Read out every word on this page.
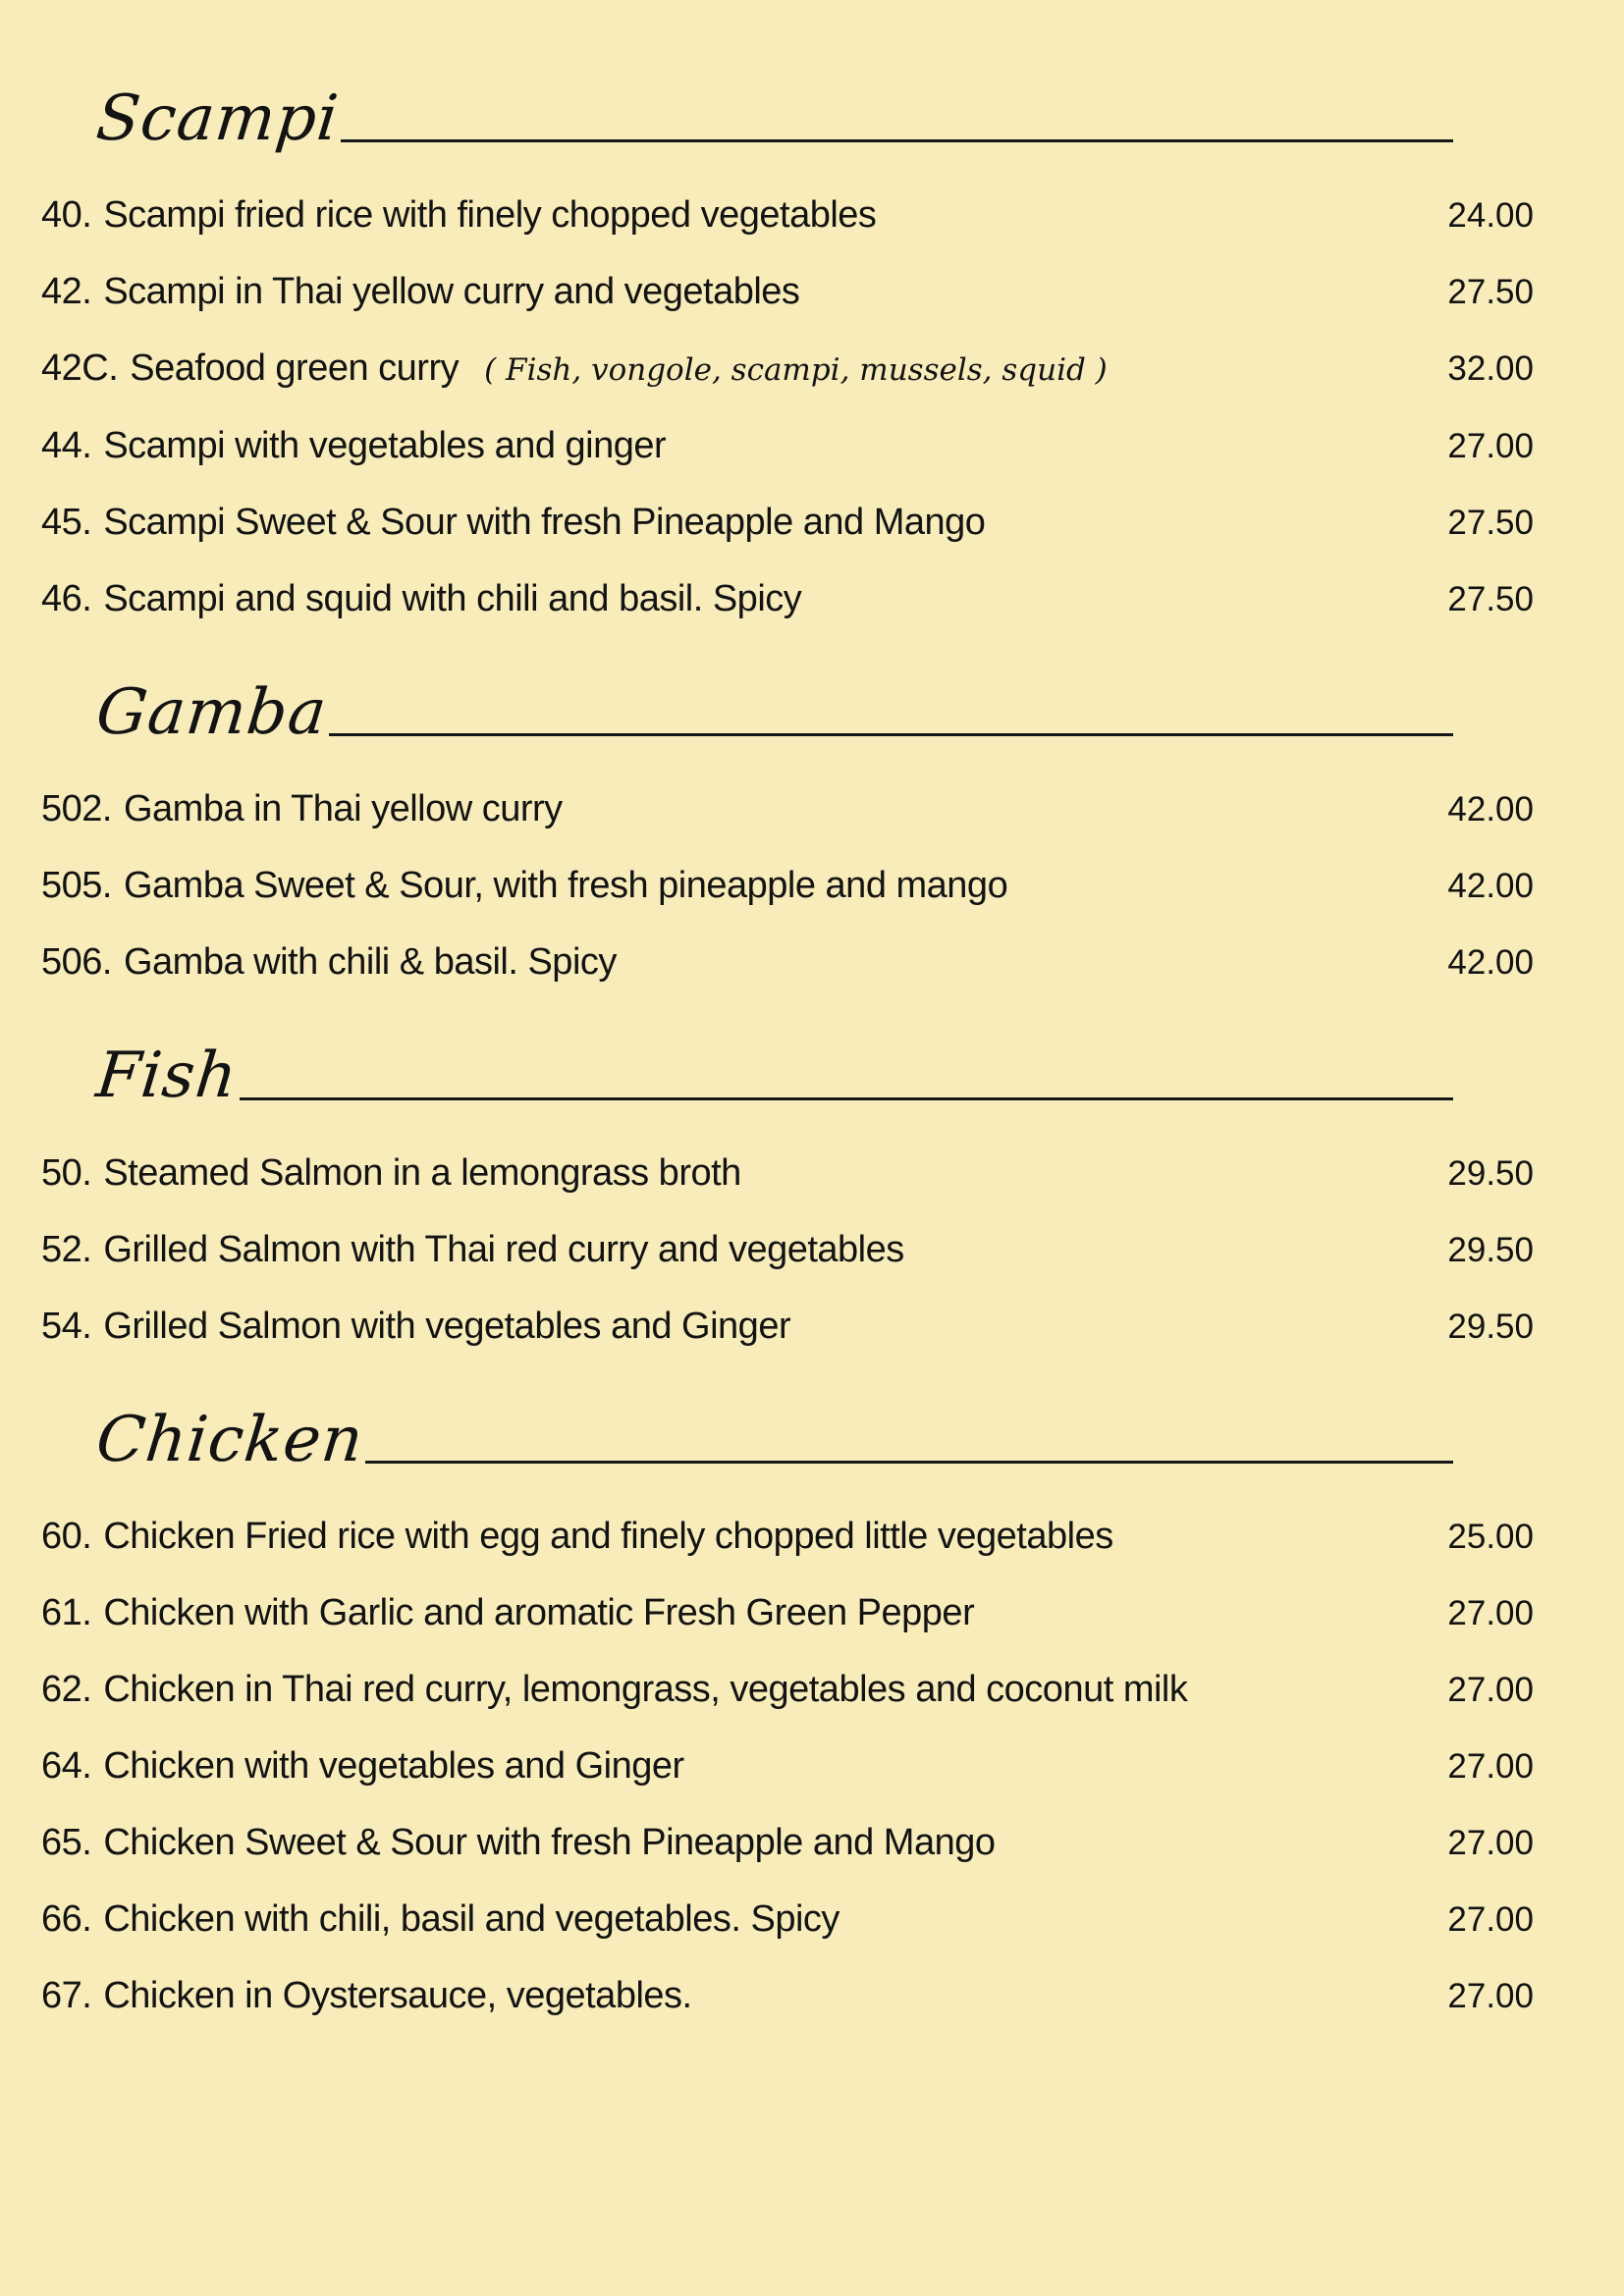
Scampi
40. Scampi fried rice with finely chopped vegetables	24.00
42. Scampi in Thai yellow curry and vegetables	27.50
42C. Seafood green curry ( Fish, vongole, scampi, mussels, squid )	32.00
44. Scampi with vegetables and ginger	27.00
45. Scampi Sweet & Sour with fresh Pineapple and Mango	27.50
46. Scampi and squid with chili and basil. Spicy	27.50
Gamba
502. Gamba in Thai yellow curry	42.00
505. Gamba Sweet & Sour, with fresh pineapple and mango	42.00
506. Gamba with chili & basil. Spicy	42.00
Fish
50. Steamed Salmon in a lemongrass broth	29.50
52. Grilled Salmon with Thai red curry and vegetables	29.50
54. Grilled Salmon with vegetables and Ginger	29.50
Chicken
60. Chicken Fried rice with egg and finely chopped little vegetables	25.00
61. Chicken with Garlic and aromatic Fresh Green Pepper	27.00
62. Chicken in Thai red curry, lemongrass, vegetables and coconut milk	27.00
64. Chicken with vegetables and Ginger	27.00
65. Chicken Sweet & Sour with fresh Pineapple and Mango	27.00
66. Chicken with chili, basil and vegetables. Spicy	27.00
67. Chicken in Oystersauce, vegetables.	27.00
